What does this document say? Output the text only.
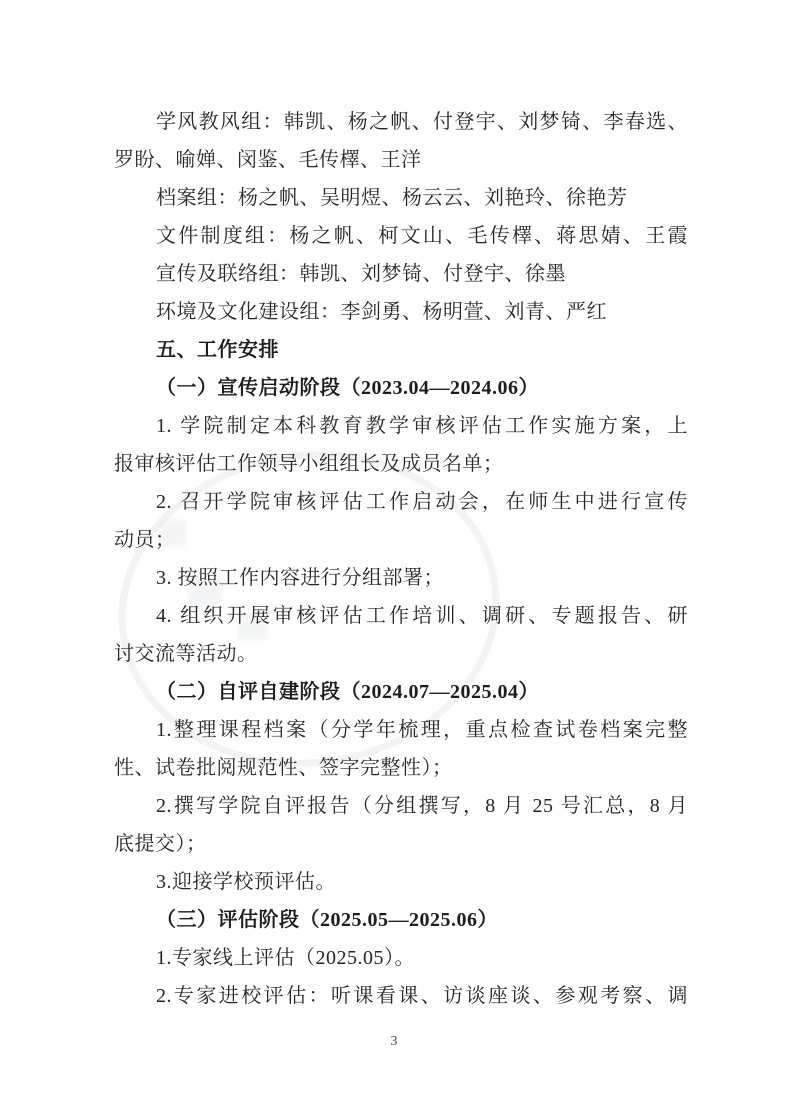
学风教风组：韩凯、杨之帆、付登宇、刘梦锜、李春选、
罗盼、喻婵、闵鉴、毛传檡、王洋
档案组：杨之帆、吴明煜、杨云云、刘艳玲、徐艳芳
文件制度组：杨之帆、柯文山、毛传檡、蒋思婧、王霞
宣传及联络组：韩凯、刘梦锜、付登宇、徐墨
环境及文化建设组：李剑勇、杨明萱、刘青、严红
五、工作安排
（一）宣传启动阶段（2023.04—2024.06）
1. 学院制定本科教育教学审核评估工作实施方案，上
报审核评估工作领导小组组长及成员名单；
2. 召开学院审核评估工作启动会，在师生中进行宣传
动员；
3. 按照工作内容进行分组部署；
4. 组织开展审核评估工作培训、调研、专题报告、研
讨交流等活动。
（二）自评自建阶段（2024.07—2025.04）
1.整理课程档案（分学年梳理，重点检查试卷档案完整
性、试卷批阅规范性、签字完整性）；
2.撰写学院自评报告（分组撰写，8 月 25 号汇总，8 月
底提交）；
3.迎接学校预评估。
（三）评估阶段（2025.05—2025.06）
1.专家线上评估（2025.05）。
2.专家进校评估：听课看课、访谈座谈、参观考察、调
3
